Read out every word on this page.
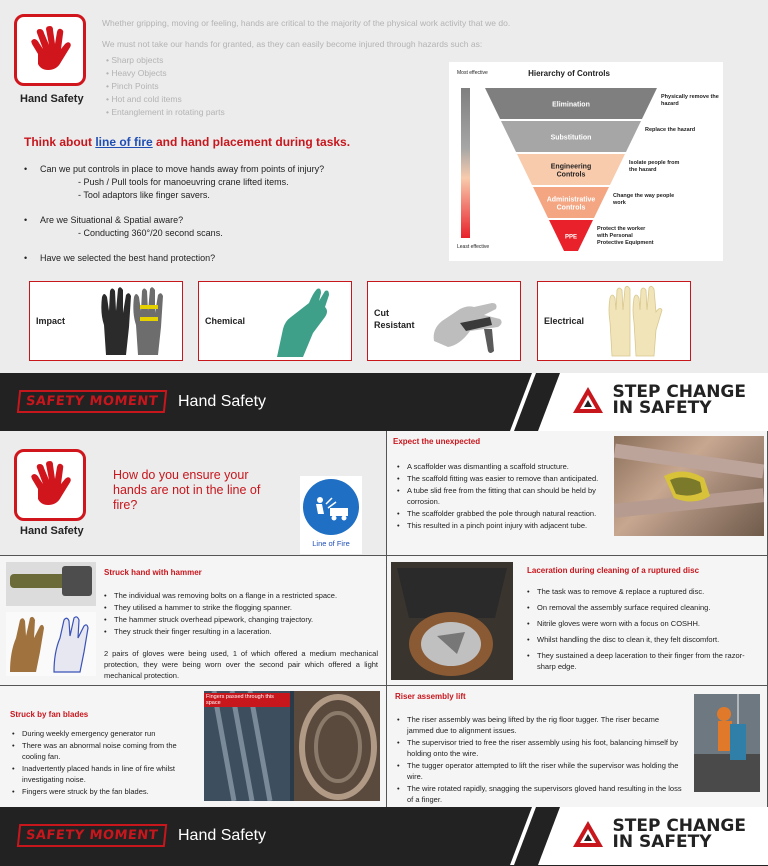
Hand Safety

Whether gripping, moving or feeling, hands are critical to the majority of the physical work activity that we do.

We must not take our hands for granted, as they can easily become injured through hazards such as:

• Sharp objects
• Heavy Objects
• Pinch Points
• Hot and cold items
• Entanglement in rotating parts
Think about line of fire and hand placement during tasks.
• Can we put controls in place to move hands away from points of injury?
- Push / Pull tools for manoeuvring crane lifted items.
- Tool adaptors like finger savers.
• Are we Situational & Spatial aware?
- Conducting 360°/20 second scans.
• Have we selected the best hand protection?
Hierarchy of Controls
Most effective
Least effective
Elimination
Physically remove the
hazard
Substitution
Replace the hazard
Engineering
Controls
Isolate people from
the hazard
Administrative
Controls
Change the way people
work
PPE
Protect the worker
with Personal
Protective Equipment
Impact	Chemical
Cut Resistant	Electrical
SAFETY MOMENT	Hand Safety	STEP CHANGE
IN SAFETY
Hand Safety
How do you ensure your hands are not in the line of fire?
Line of Fire
Expect the unexpected
• A scaffolder was dismantling a scaffold structure.
• The scaffold fitting was easier to remove than anticipated.
• A tube slid free from the fitting that can should be held by corrosion.
• The scaffolder grabbed the pole through natural reaction.
• This resulted in a pinch point injury with adjacent tube.
Struck hand with hammer
• The individual was removing bolts on a flange in a restricted space.
• They utilised a hammer to strike the flogging spanner.
• The hammer struck overhead pipework, changing trajectory.
• They struck their finger resulting in a laceration.

2 pairs of gloves were being used, 1 of which offered a medium mechanical protection, they were being worn over the second pair which offered a light mechanical protection.

Laceration during cleaning of a ruptured disc
• The task was to remove & replace a ruptured disc.
• On removal the assembly surface required cleaning.
• Nitrile gloves were worn with a focus on COSHH.
• Whilst handling the disc to clean it, they felt discomfort.
• They sustained a deep laceration to their finger from the razor-sharp edge.
Struck by fan blades
• During weekly emergency generator run
• There was an abnormal noise coming from the cooling fan.
• Inadvertently placed hands in line of fire whilst investigating noise.
• Fingers were struck by the fan blades.
Fingers passed through this space
Riser assembly lift
• The riser assembly was being lifted by the rig floor tugger. The riser became jammed due to alignment issues.
• The supervisor tried to free the riser assembly using his foot, balancing himself by holding onto the wire.
• The tugger operator attempted to lift the riser while the supervisor was holding the wire.
• The wire rotated rapidly, snagging the supervisors gloved hand resulting in the loss of a finger.
SAFETY MOMENT	Hand Safety	STEP CHANGE
IN SAFETY
